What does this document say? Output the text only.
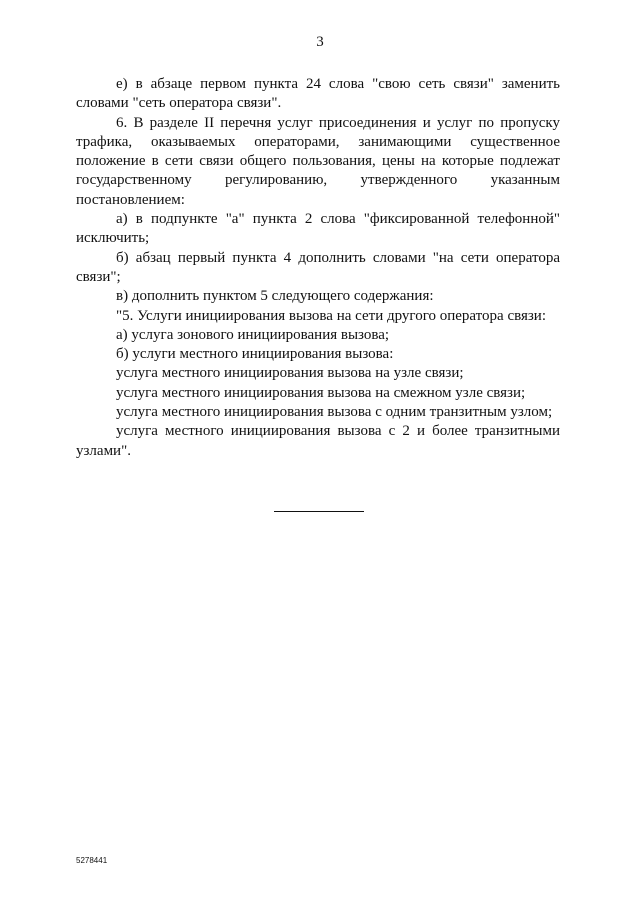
3

е) в абзаце первом пункта 24 слова "свою сеть связи" заменить словами "сеть оператора связи".

6. В разделе II перечня услуг присоединения и услуг по пропуску трафика, оказываемых операторами, занимающими существенное положение в сети связи общего пользования, цены на которые подлежат государственному регулированию, утвержденного указанным постановлением:

а) в подпункте "а" пункта 2 слова "фиксированной телефонной" исключить;

б) абзац первый пункта 4 дополнить словами "на сети оператора связи";

в) дополнить пунктом 5 следующего содержания:

"5. Услуги инициирования вызова на сети другого оператора связи:

а) услуга зонового инициирования вызова;

б) услуги местного инициирования вызова:

услуга местного инициирования вызова на узле связи;

услуга местного инициирования вызова на смежном узле связи;

услуга местного инициирования вызова с одним транзитным узлом;

услуга местного инициирования вызова с 2 и более транзитными узлами".

5278441
